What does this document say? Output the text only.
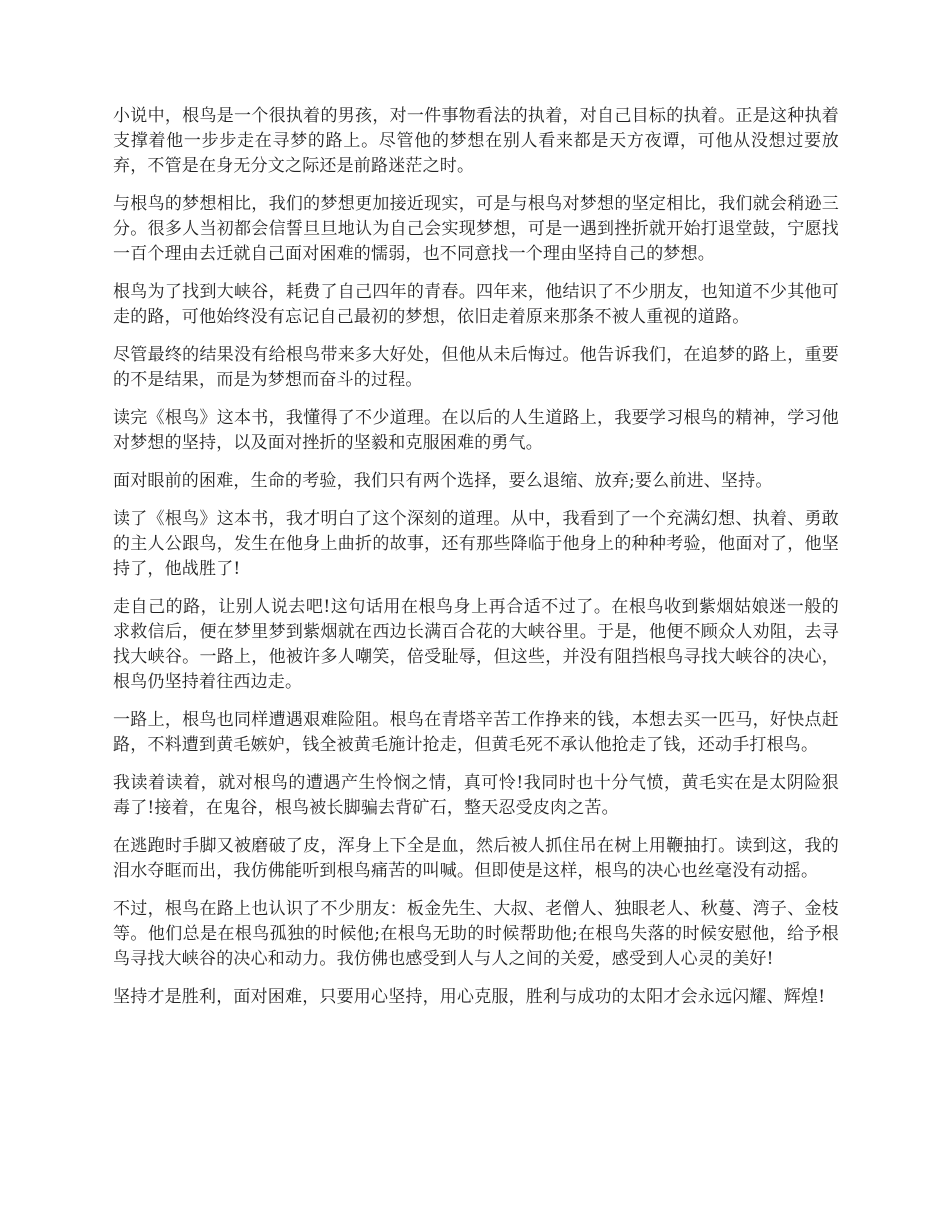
小说中，根鸟是一个很执着的男孩，对一件事物看法的执着，对自己目标的执着。正是这种执着支撑着他一步步走在寻梦的路上。尽管他的梦想在别人看来都是天方夜谭，可他从没想过要放弃，不管是在身无分文之际还是前路迷茫之时。

与根鸟的梦想相比，我们的梦想更加接近现实，可是与根鸟对梦想的坚定相比，我们就会稍逊三分。很多人当初都会信誓旦旦地认为自己会实现梦想，可是一遇到挫折就开始打退堂鼓，宁愿找一百个理由去迁就自己面对困难的懦弱，也不同意找一个理由坚持自己的梦想。

根鸟为了找到大峡谷，耗费了自己四年的青春。四年来，他结识了不少朋友，也知道不少其他可走的路，可他始终没有忘记自己最初的梦想，依旧走着原来那条不被人重视的道路。

尽管最终的结果没有给根鸟带来多大好处，但他从未后悔过。他告诉我们，在追梦的路上，重要的不是结果，而是为梦想而奋斗的过程。

读完《根鸟》这本书，我懂得了不少道理。在以后的人生道路上，我要学习根鸟的精神，学习他对梦想的坚持，以及面对挫折的坚毅和克服困难的勇气。

面对眼前的困难，生命的考验，我们只有两个选择，要么退缩、放弃;要么前进、坚持。

读了《根鸟》这本书，我才明白了这个深刻的道理。从中，我看到了一个充满幻想、执着、勇敢的主人公跟鸟，发生在他身上曲折的故事，还有那些降临于他身上的种种考验，他面对了，他坚持了，他战胜了!

走自己的路，让别人说去吧!这句话用在根鸟身上再合适不过了。在根鸟收到紫烟姑娘迷一般的求救信后，便在梦里梦到紫烟就在西边长满百合花的大峡谷里。于是，他便不顾众人劝阻，去寻找大峡谷。一路上，他被许多人嘲笑，倍受耻辱，但这些，并没有阻挡根鸟寻找大峡谷的决心，根鸟仍坚持着往西边走。

一路上，根鸟也同样遭遇艰难险阻。根鸟在青塔辛苦工作挣来的钱，本想去买一匹马，好快点赶路，不料遭到黄毛嫉妒，钱全被黄毛施计抢走，但黄毛死不承认他抢走了钱，还动手打根鸟。

我读着读着，就对根鸟的遭遇产生怜悯之情，真可怜!我同时也十分气愤，黄毛实在是太阴险狠毒了!接着，在鬼谷，根鸟被长脚骗去背矿石，整天忍受皮肉之苦。

在逃跑时手脚又被磨破了皮，浑身上下全是血，然后被人抓住吊在树上用鞭抽打。读到这，我的泪水夺眶而出，我仿佛能听到根鸟痛苦的叫喊。但即使是这样，根鸟的决心也丝毫没有动摇。

不过，根鸟在路上也认识了不少朋友：板金先生、大叔、老僧人、独眼老人、秋蔓、湾子、金枝等。他们总是在根鸟孤独的时候他;在根鸟无助的时候帮助他;在根鸟失落的时候安慰他，给予根鸟寻找大峡谷的决心和动力。我仿佛也感受到人与人之间的关爱，感受到人心灵的美好!

坚持才是胜利，面对困难，只要用心坚持，用心克服，胜利与成功的太阳才会永远闪耀、辉煌!
